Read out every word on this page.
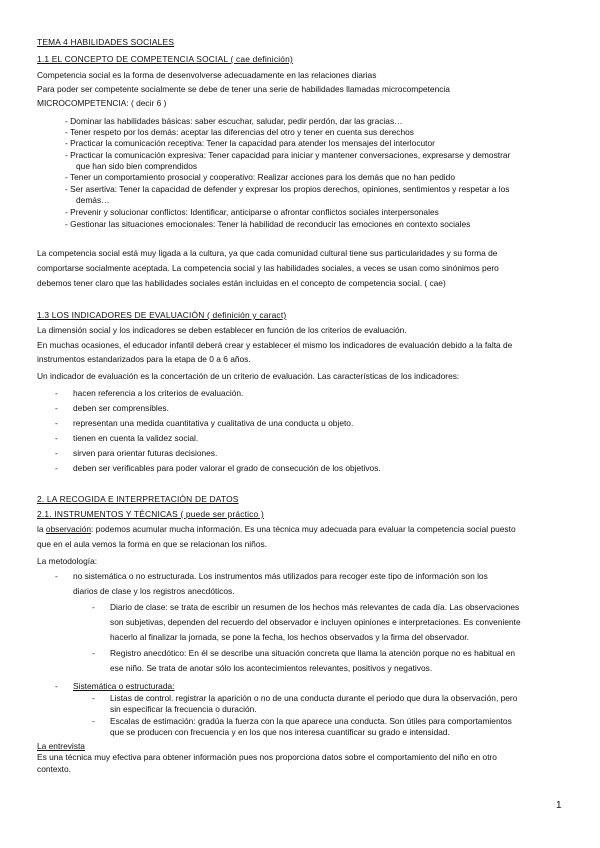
TEMA 4 HABILIDADES SOCIALES
1.1 EL CONCEPTO DE COMPETENCIA SOCIAL ( cae definición)
Competencia social es la forma de desenvolverse adecuadamente en las relaciones diarias
Para poder ser competente socialmente se debe de tener una serie de habilidades llamadas microcompetencia
MICROCOMPETENCIA: ( decir 6 )
- Dominar las habilidades básicas: saber escuchar, saludar, pedir perdón, dar las gracias…
- Tener respeto por los demás: aceptar las diferencias del otro y tener en cuenta sus derechos
- Practicar la comunicación receptiva: Tener la capacidad para atender los mensajes del interlocutor
- Practicar la comunicación expresiva: Tener capacidad para iniciar y mantener conversaciones, expresarse y demostrar
que han sido bien comprendidos
- Tener un comportamiento prosocial y cooperativo: Realizar acciones para los demás que no han pedido
- Ser asertiva: Tener la capacidad de defender y expresar los propios derechos, opiniones, sentimientos y respetar a los
demás…
- Prevenir y solucionar conflictos: Identificar, anticiparse o afrontar conflictos sociales interpersonales
- Gestionar las situaciones emocionales: Tener la habilidad de reconducir las emociones en contexto sociales
La competencia social está muy ligada a la cultura, ya que cada comunidad cultural tiene sus particularidades y su forma de
comportarse socialmente aceptada. La competencia social y las habilidades sociales, a veces se usan como sinónimos pero
debemos tener claro que las habilidades sociales están incluidas en el concepto de competencia social. ( cae)
1.3 LOS INDICADORES DE EVALUACIÓN ( definición y caract)
La dimensión social y los indicadores se deben establecer en función de los criterios de evaluación.
En muchas ocasiones, el educador infantil deberá crear y establecer el mismo los indicadores de evaluación debido a la falta de
instrumentos estandarizados para la etapa de 0 a 6 años.
Un indicador de evaluación es la concertación de un criterio de evaluación. Las características de los indicadores:
- hacen referencia a los criterios de evaluación.
- deben ser comprensibles.
- representan una medida cuantitativa y cualitativa de una conducta u objeto.
- tienen en cuenta la validez social.
- sirven para orientar futuras decisiones.
- deben ser verificables para poder valorar el grado de consecución de los objetivos.
2. LA RECOGIDA E INTERPRETACIÓN DE DATOS
2.1. INSTRUMENTOS Y TÉCNICAS ( puede ser práctico )
la observación: podemos acumular mucha información. Es una técnica muy adecuada para evaluar la competencia social puesto
que en el aula vemos la forma en que se relacionan los niños.
La metodología:
- no sistemática o no estructurada. Los instrumentos más utilizados para recoger este tipo de información son los
diarios de clase y los registros anecdóticos.
- Diario de clase: se trata de escribir un resumen de los hechos más relevantes de cada día. Las observaciones
son subjetivas, dependen del recuerdo del observador e incluyen opiniones e interpretaciones. Es conveniente
hacerlo al finalizar la jornada, se pone la fecha, los hechos observados y la firma del observador.
- Registro anecdótico: En él se describe una situación concreta que llama la atención porque no es habitual en
ese niño. Se trata de anotar sólo los acontecimientos relevantes, positivos y negativos.
- Sistemática o estructurada:
- Listas de control. registrar la aparición o no de una conducta durante el periodo que dura la observación, pero
sin especificar la frecuencia o duración.
- Escalas de estimación: gradúa la fuerza con la que aparece una conducta. Son útiles para comportamientos
que se producen con frecuencia y en los que nos interesa cuantificar su grado e intensidad.
La entrevista
Es una técnica muy efectiva para obtener información pues nos proporciona datos sobre el comportamiento del niño en otro
contexto.
1
